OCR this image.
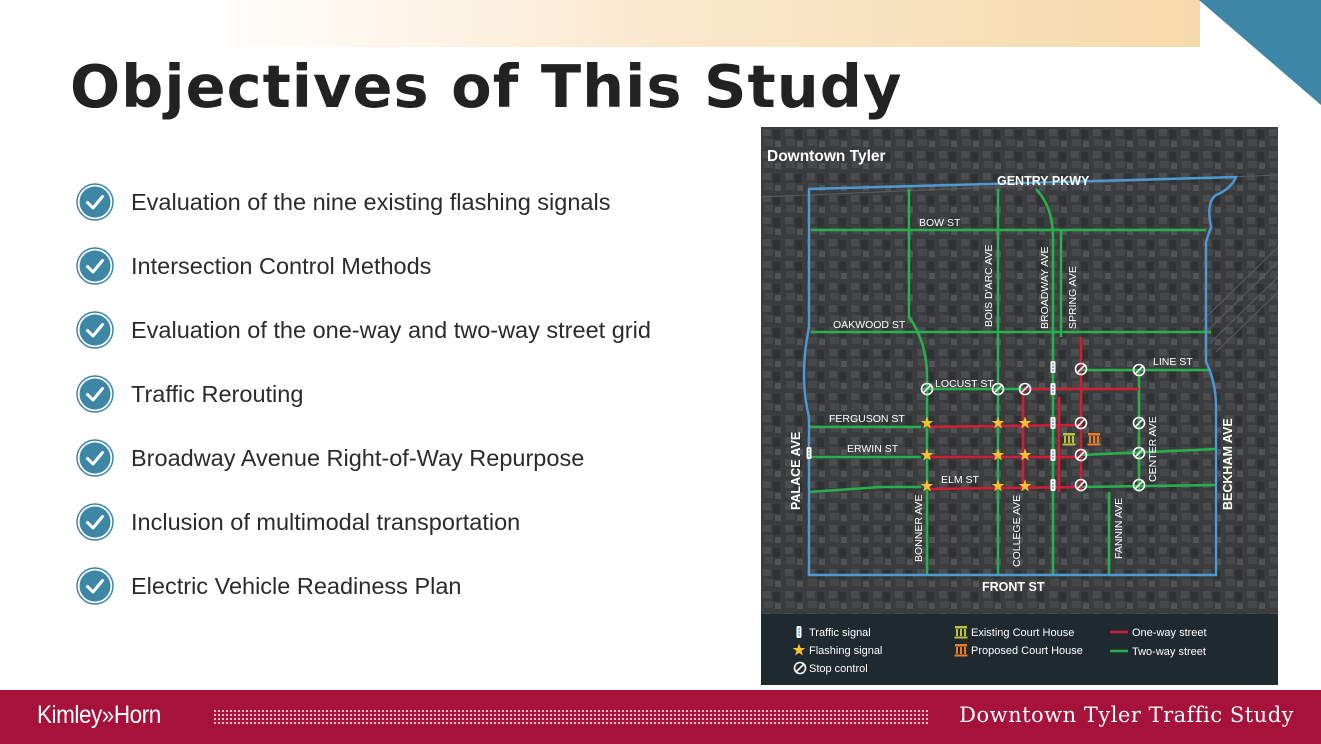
Objectives of This Study
Evaluation of the nine existing flashing signals
Intersection Control Methods
Evaluation of the one-way and two-way street grid
Traffic Rerouting
Broadway Avenue Right-of-Way Repurpose
Inclusion of multimodal transportation
Electric Vehicle Readiness Plan
Downtown Tyler
GENTRY PKWY
BOW ST
BOIS D'ARC AVE	BROADWAY AVE SPRING AVE
OAKWOOD ST
LINE ST
LOCUST ST
FERGUSON ST
ERWIN ST
ELM ST	CENTER AVE
PALACE AVE	BECKHAM AVE
BONNER AVE	COLLEGE AVE	FANNIN AVE
FRONT ST
Traffic signal
Flashing signal
Stop control
Existing Court House
Proposed Court House
One-way street
Two-way street
Kimley»Horn	Downtown Tyler Traffic Study
